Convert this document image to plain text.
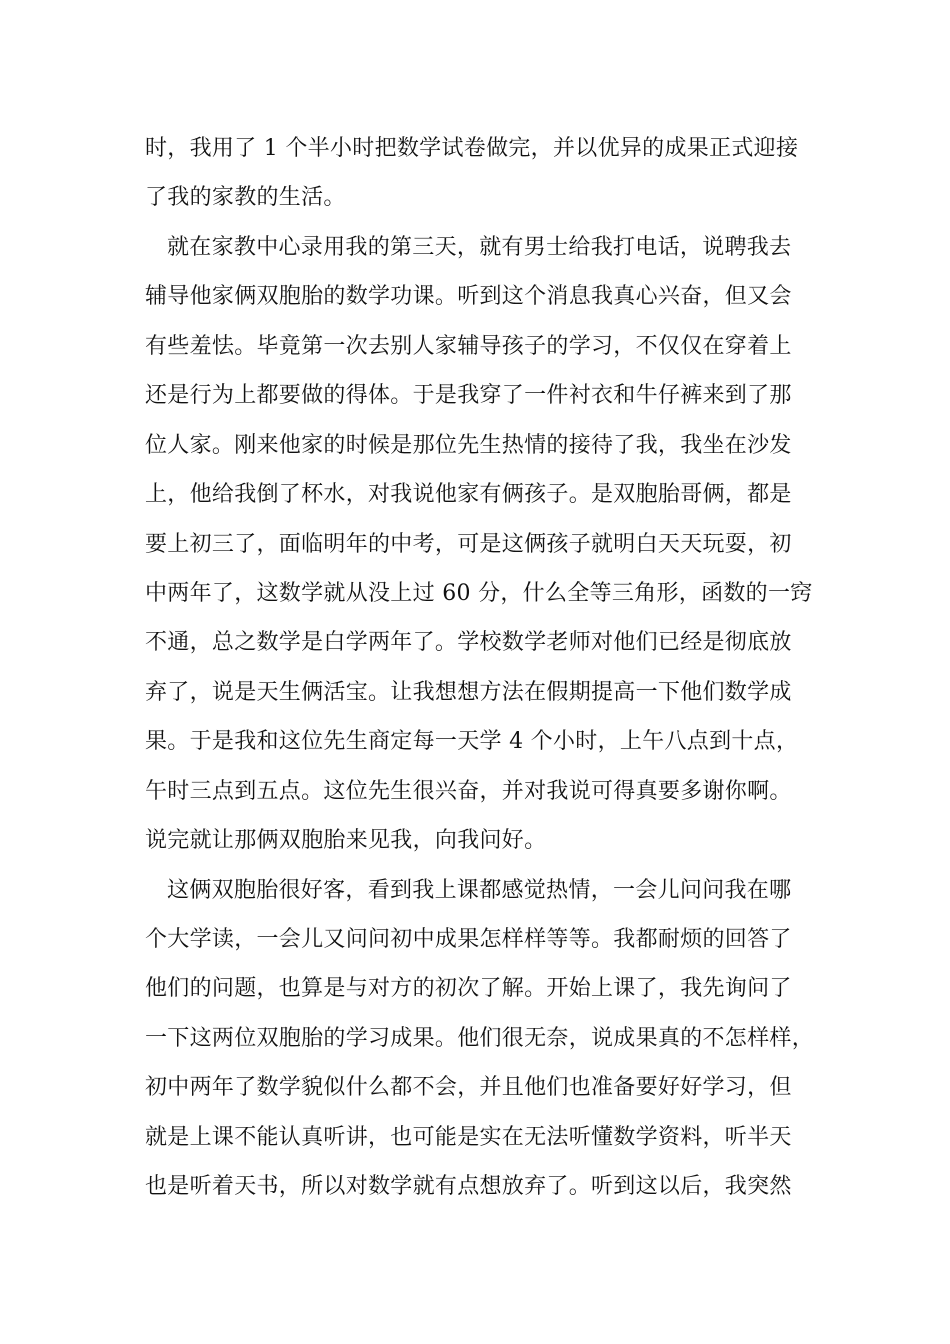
时，我用了 1 个半小时把数学试卷做完，并以优异的成果正式迎接
了我的家教的生活。
就在家教中心录用我的第三天，就有男士给我打电话，说聘我去
辅导他家俩双胞胎的数学功课。听到这个消息我真心兴奋，但又会
有些羞怯。毕竟第一次去别人家辅导孩子的学习，不仅仅在穿着上
还是行为上都要做的得体。于是我穿了一件衬衣和牛仔裤来到了那
位人家。刚来他家的时候是那位先生热情的接待了我，我坐在沙发
上，他给我倒了杯水，对我说他家有俩孩子。是双胞胎哥俩，都是
要上初三了，面临明年的中考，可是这俩孩子就明白天天玩耍，初
中两年了，这数学就从没上过 60 分，什么全等三角形，函数的一窍
不通，总之数学是白学两年了。学校数学老师对他们已经是彻底放
弃了，说是天生俩活宝。让我想想方法在假期提高一下他们数学成
果。于是我和这位先生商定每一天学 4 个小时，上午八点到十点，
午时三点到五点。这位先生很兴奋，并对我说可得真要多谢你啊。
说完就让那俩双胞胎来见我，向我问好。
这俩双胞胎很好客，看到我上课都感觉热情，一会儿问问我在哪
个大学读，一会儿又问问初中成果怎样样等等。我都耐烦的回答了
他们的问题，也算是与对方的初次了解。开始上课了，我先询问了
一下这两位双胞胎的学习成果。他们很无奈，说成果真的不怎样样，
初中两年了数学貌似什么都不会，并且他们也准备要好好学习，但
就是上课不能认真听讲，也可能是实在无法听懂数学资料，听半天
也是听着天书，所以对数学就有点想放弃了。听到这以后，我突然
